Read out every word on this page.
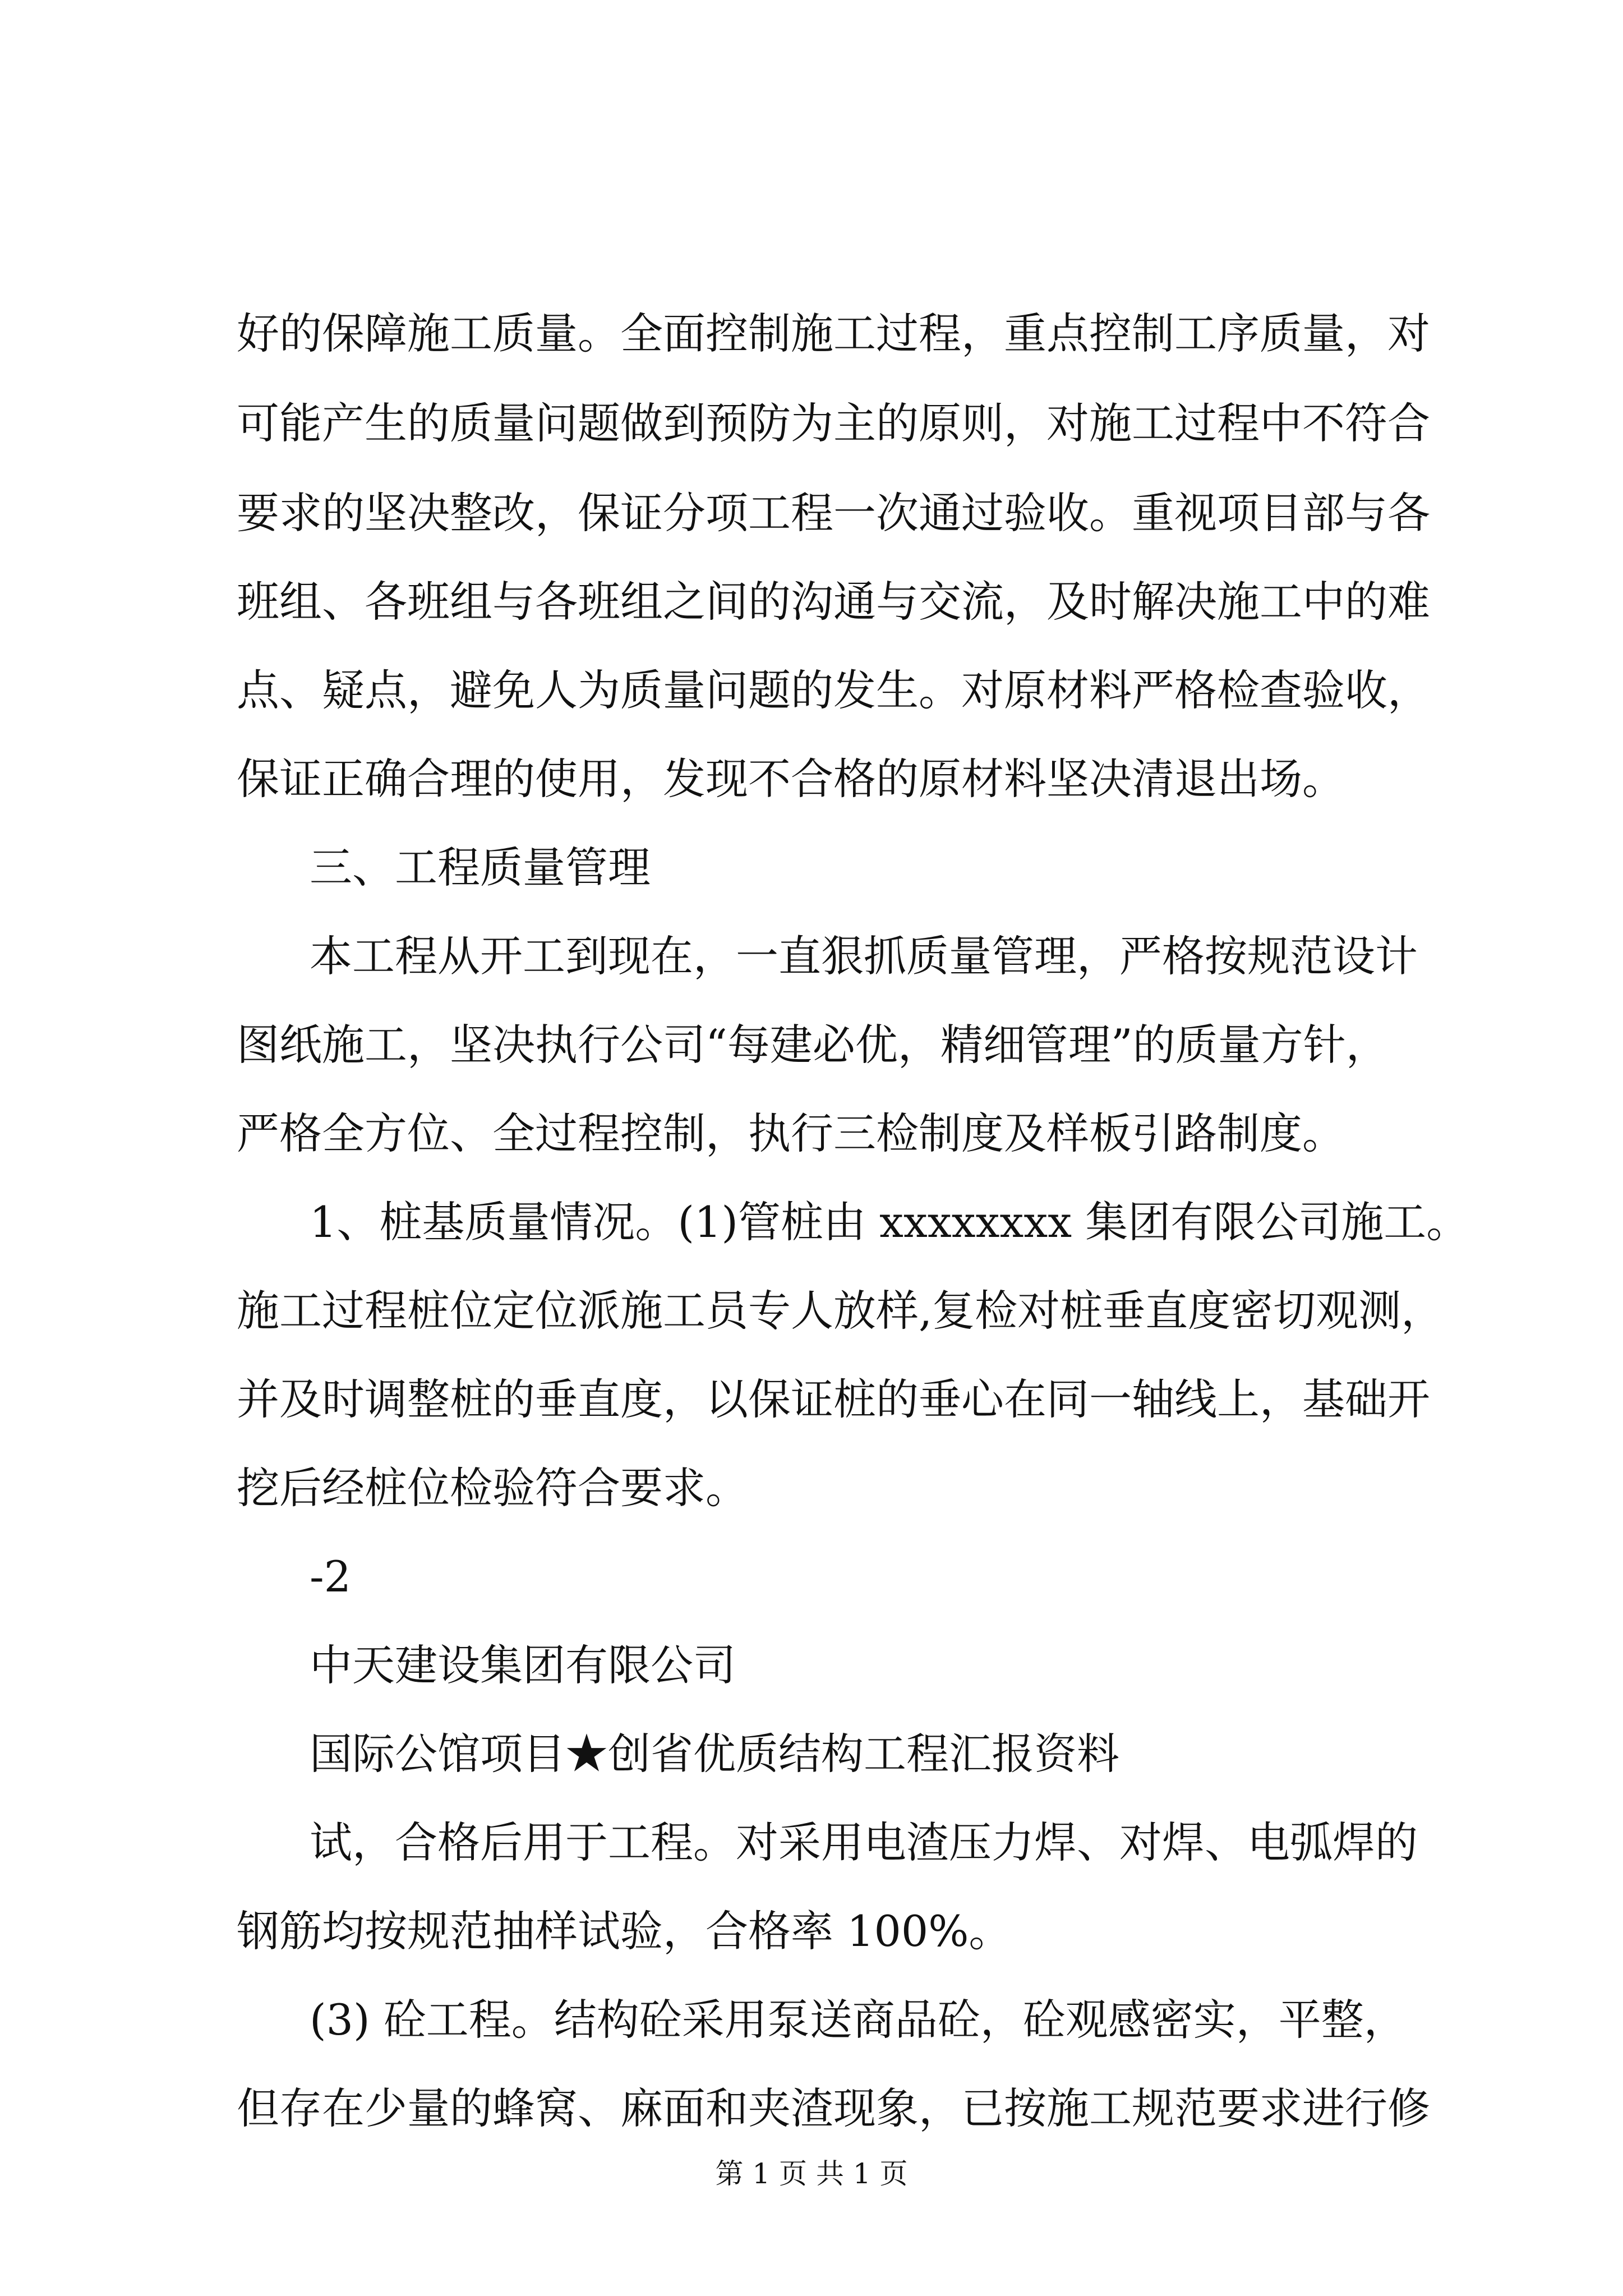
好的保障施工质量。全面控制施工过程，重点控制工序质量，对
可能产生的质量问题做到预防为主的原则，对施工过程中不符合
要求的坚决整改，保证分项工程一次通过验收。重视项目部与各
班组、各班组与各班组之间的沟通与交流，及时解决施工中的难
点、疑点，避免人为质量问题的发生。对原材料严格检查验收，
保证正确合理的使用，发现不合格的原材料坚决清退出场。
三、工程质量管理
本工程从开工到现在，一直狠抓质量管理，严格按规范设计
图纸施工，坚决执行公司“每建必优，精细管理”的质量方针，
严格全方位、全过程控制，执行三检制度及样板引路制度。
1、桩基质量情况。(1)管桩由 xxxxxxxx 集团有限公司施工。
施工过程桩位定位派施工员专人放样,复检对桩垂直度密切观测，
并及时调整桩的垂直度，以保证桩的垂心在同一轴线上，基础开
挖后经桩位检验符合要求。
-2
中天建设集团有限公司
国际公馆项目★创省优质结构工程汇报资料
试，合格后用于工程。对采用电渣压力焊、对焊、电弧焊的
钢筋均按规范抽样试验，合格率 100%。
(3) 砼工程。结构砼采用泵送商品砼，砼观感密实，平整，
但存在少量的蜂窝、麻面和夹渣现象，已按施工规范要求进行修
第 1 页 共 1 页
